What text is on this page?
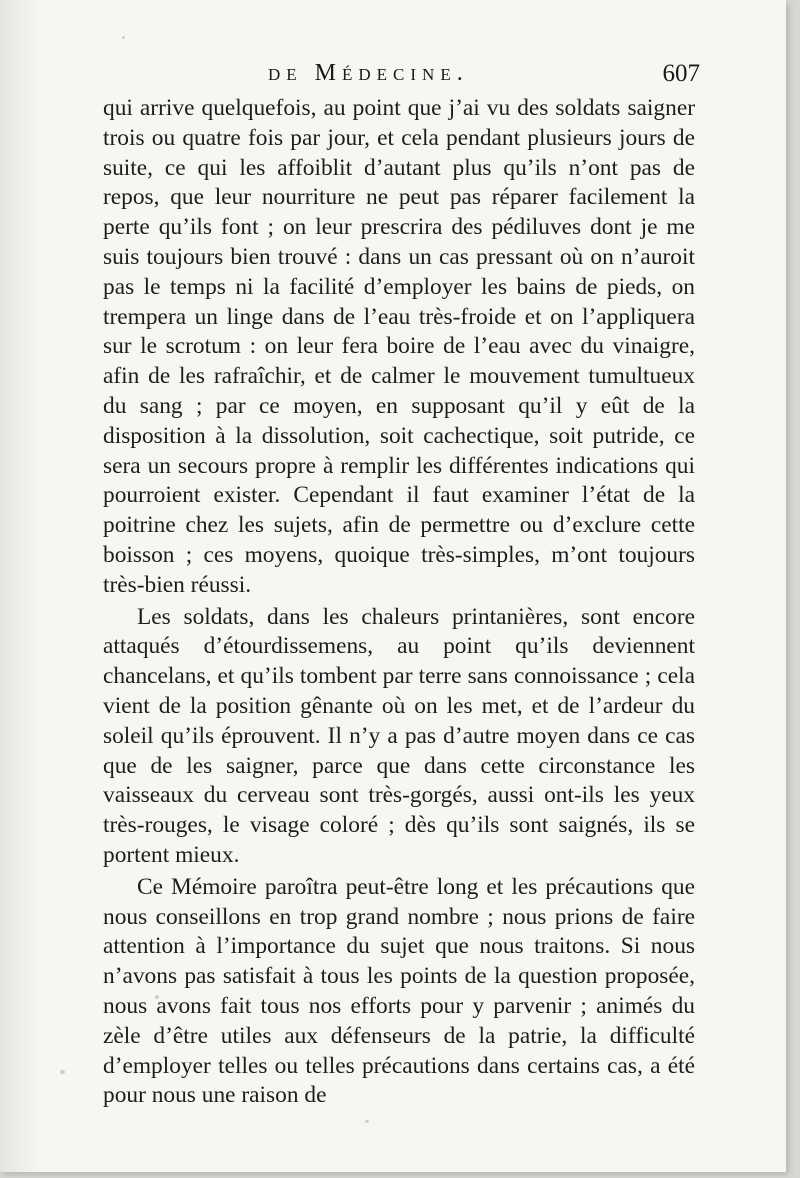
de Médecine.	607

qui arrive quelquefois, au point que j’ai vu des soldats saigner trois ou quatre fois par jour, et cela pendant plusieurs jours de suite, ce qui les affoiblit d’autant plus qu’ils n’ont pas de repos, que leur nourriture ne peut pas réparer facilement la perte qu’ils font ; on leur prescrira des pédiluves dont je me suis toujours bien trouvé : dans un cas pressant où on n’auroit pas le temps ni la facilité d’employer les bains de pieds, on trempera un linge dans de l’eau très-froide et on l’appliquera sur le scrotum : on leur fera boire de l’eau avec du vinaigre, afin de les rafraîchir, et de calmer le mouvement tumultueux du sang ; par ce moyen, en supposant qu’il y eût de la disposition à la dissolution, soit cachectique, soit putride, ce sera un secours propre à remplir les différentes indications qui pourroient exister. Cependant il faut examiner l’état de la poitrine chez les sujets, afin de permettre ou d’exclure cette boisson ; ces moyens, quoique très-simples, m’ont toujours très-bien réussi.

Les soldats, dans les chaleurs printanières, sont encore attaqués d’étourdissemens, au point qu’ils deviennent chancelans, et qu’ils tombent par terre sans connoissance ; cela vient de la position gênante où on les met, et de l’ardeur du soleil qu’ils éprouvent. Il n’y a pas d’autre moyen dans ce cas que de les saigner, parce que dans cette circonstance les vaisseaux du cerveau sont très-gorgés, aussi ont-ils les yeux très-rouges, le visage coloré ; dès qu’ils sont saignés, ils se portent mieux.

Ce Mémoire paroîtra peut-être long et les précautions que nous conseillons en trop grand nombre ; nous prions de faire attention à l’importance du sujet que nous traitons. Si nous n’avons pas satisfait à tous les points de la question proposée, nous avons fait tous nos efforts pour y parvenir ; animés du zèle d’être utiles aux défenseurs de la patrie, la difficulté d’employer telles ou telles précautions dans certains cas, a été pour nous une raison de
